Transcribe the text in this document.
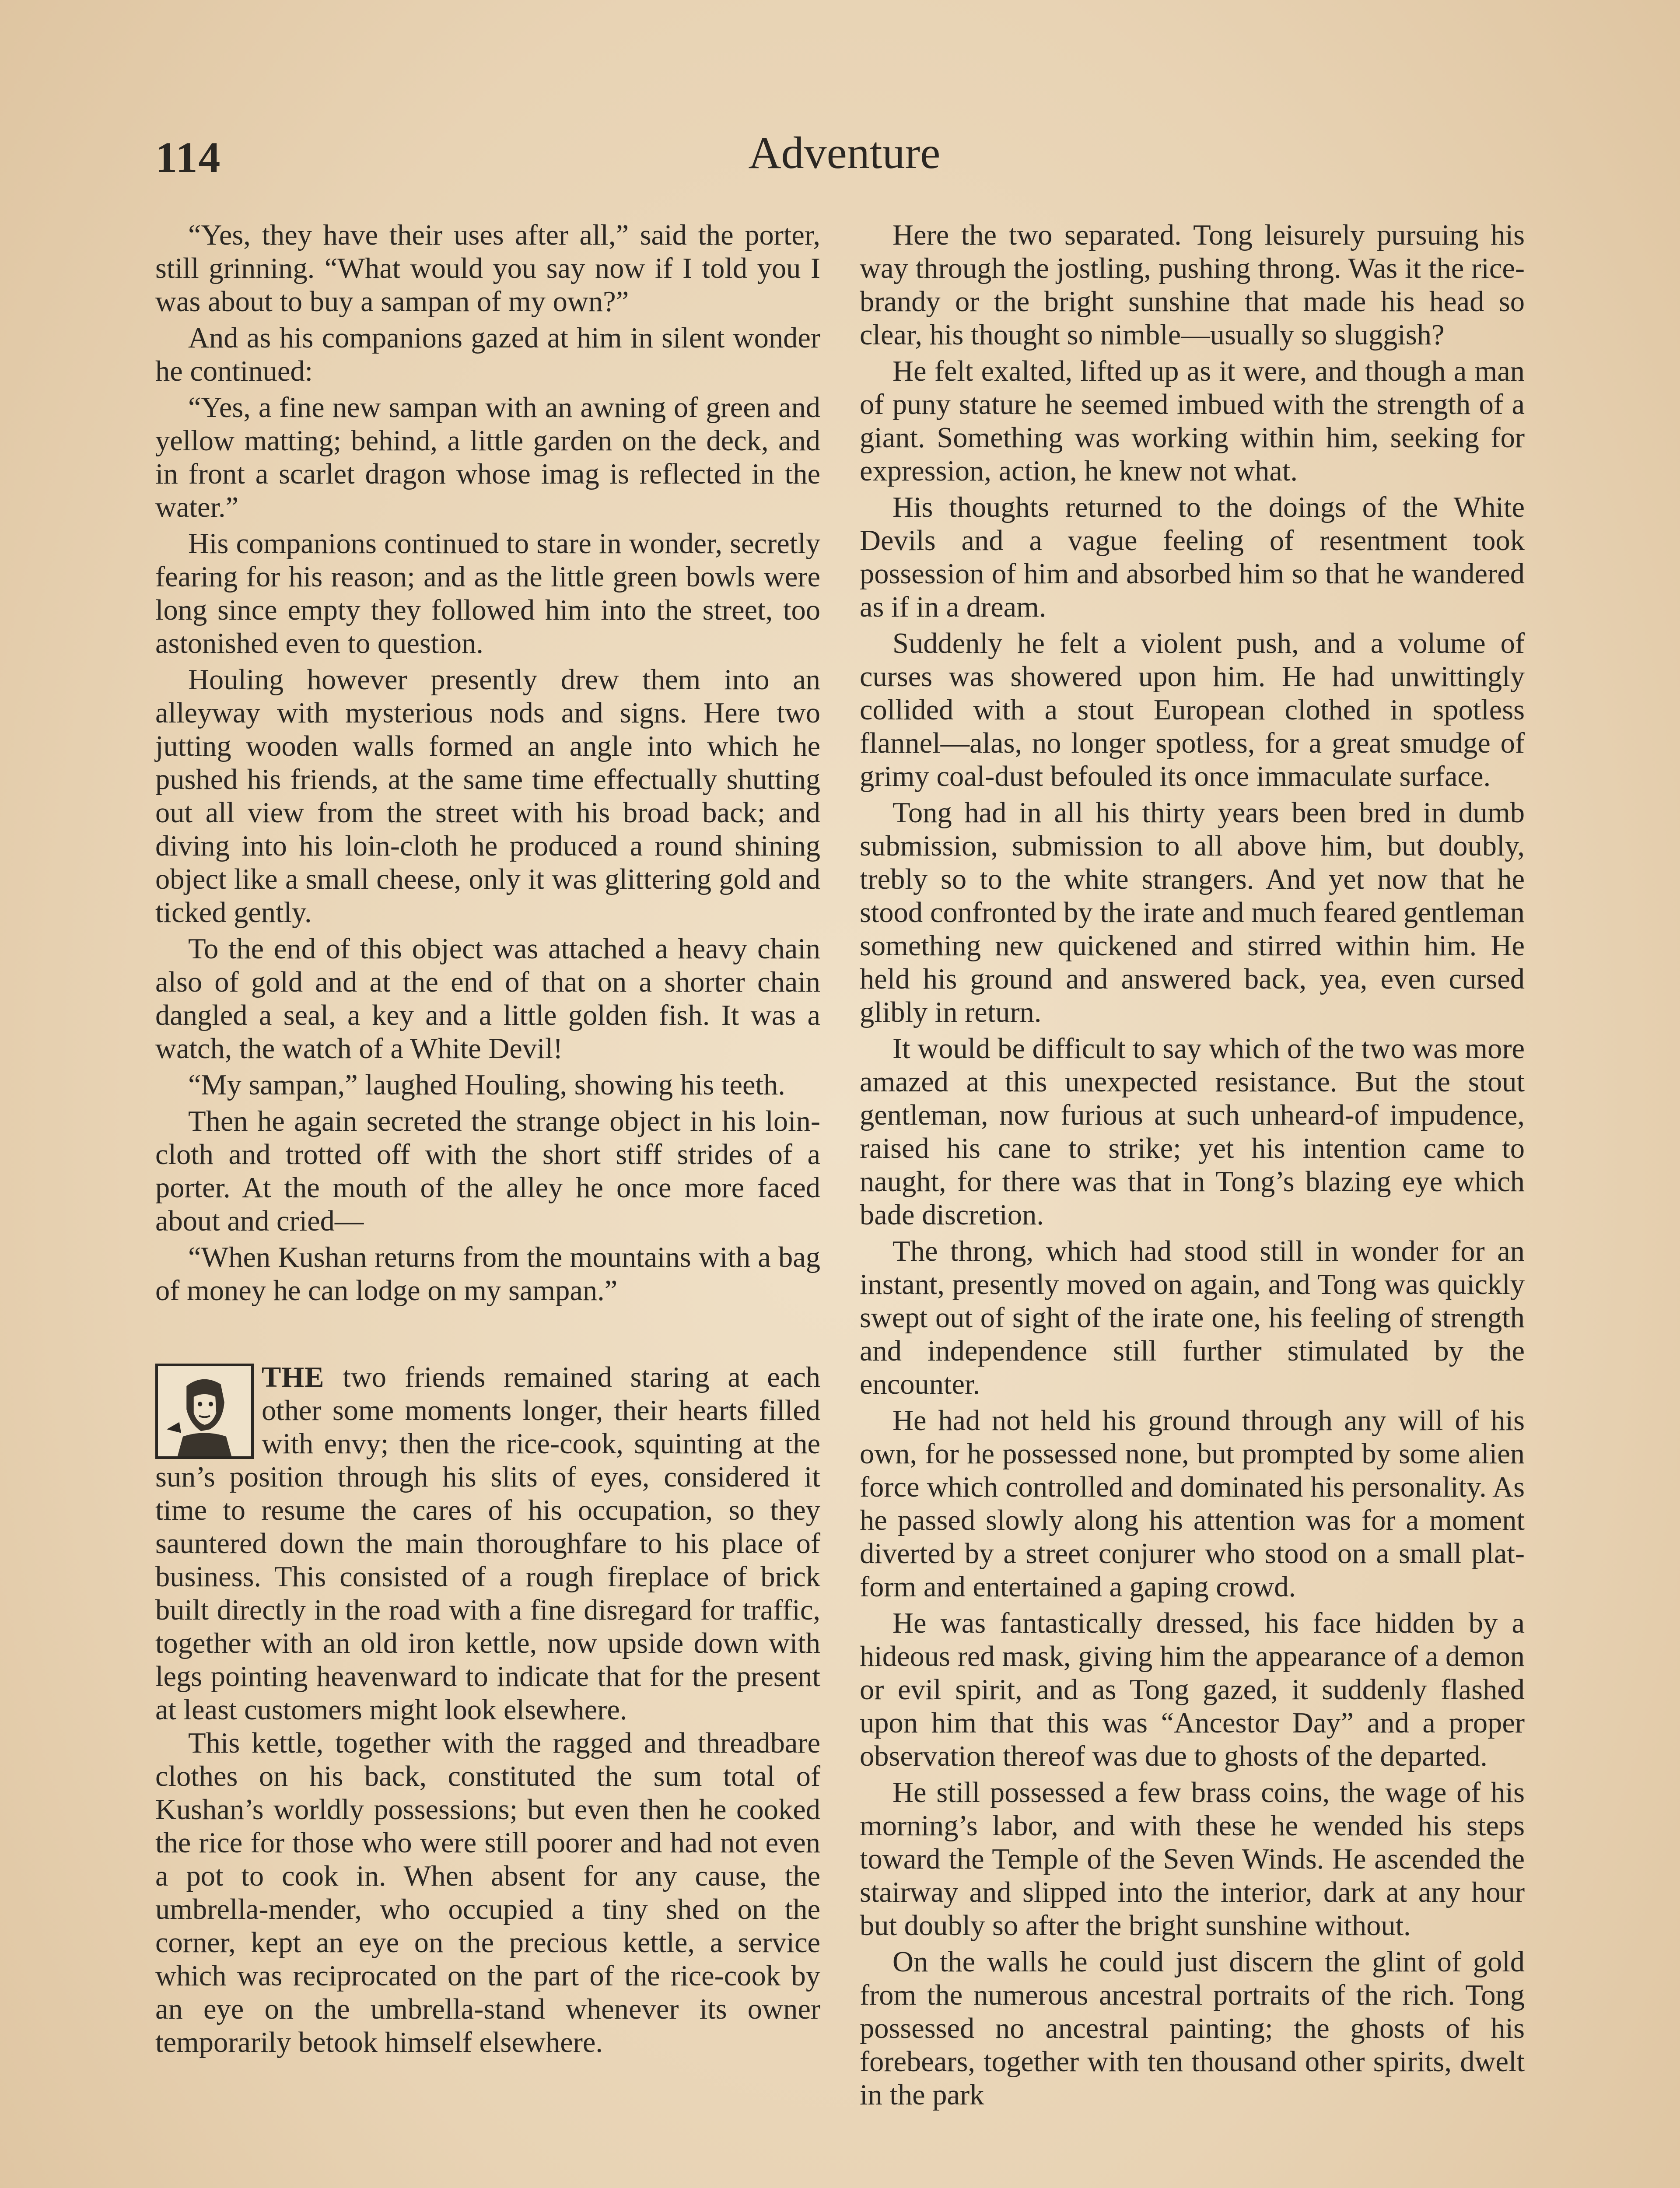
114	Adventure

“Yes, they have their uses after all,” said the porter, still grinning. “What would you say now if I told you I was about to buy a sampan of my own?”

And as his companions gazed at him in silent wonder he continued:

“Yes, a fine new sampan with an awning of green and yellow matting; behind, a little garden on the deck, and in front a scarlet dragon whose imag is reflected in the water.”

His companions continued to stare in wonder, secretly fearing for his reason; and as the little green bowls were long since empty they followed him into the street, too astonished even to question.

Houling however presently drew them into an alleyway with mysterious nods and signs. Here two jutting wooden walls formed an angle into which he pushed his friends, at the same time effectually shutting out all view from the street with his broad back; and diving into his loin-cloth he produced a round shining object like a small cheese, only it was glittering gold and ticked gently.

To the end of this object was attached a heavy chain also of gold and at the end of that on a shorter chain dangled a seal, a key and a little golden fish. It was a watch, the watch of a White Devil!

“My sampan,” laughed Houling, showing his teeth.

Then he again secreted the strange object in his loin-cloth and trotted off with the short stiff strides of a porter. At the mouth of the alley he once more faced about and cried—

“When Kushan returns from the mountains with a bag of money he can lodge on my sampan.”

THE two friends remained staring at each other some moments longer, their hearts filled with envy; then the rice-cook, squinting at the sun’s position through his slits of eyes, considered it time to resume the cares of his occupation, so they sauntered down the main thoroughfare to his place of business. This consisted of a rough fireplace of brick built directly in the road with a fine disregard for traffic, together with an old iron kettle, now upside down with legs pointing heavenward to indicate that for the present at least customers might look elsewhere.

This kettle, together with the ragged and threadbare clothes on his back, constituted the sum total of Kushan’s worldly possessions; but even then he cooked the rice for those who were still poorer and had not even a pot to cook in. When absent for any cause, the umbrella-mender, who occupied a tiny shed on the corner, kept an eye on the precious kettle, a service which was reciprocated on the part of the rice-cook by an eye on the umbrella-stand whenever its owner temporarily betook himself elsewhere.

Here the two separated. Tong leisurely pursuing his way through the jostling, pushing throng. Was it the rice-brandy or the bright sunshine that made his head so clear, his thought so nimble—usually so sluggish?

He felt exalted, lifted up as it were, and though a man of puny stature he seemed imbued with the strength of a giant. Something was working within him, seeking for expression, action, he knew not what.

His thoughts returned to the doings of the White Devils and a vague feeling of resentment took possession of him and absorbed him so that he wandered as if in a dream.

Suddenly he felt a violent push, and a volume of curses was showered upon him. He had unwittingly collided with a stout European clothed in spotless flannel—alas, no longer spotless, for a great smudge of grimy coal-dust befouled its once immaculate surface.

Tong had in all his thirty years been bred in dumb submission, submission to all above him, but doubly, trebly so to the white strangers. And yet now that he stood confronted by the irate and much feared gentleman something new quickened and stirred within him. He held his ground and answered back, yea, even cursed glibly in return.

It would be difficult to say which of the two was more amazed at this unexpected resistance. But the stout gentleman, now furious at such unheard-of impudence, raised his cane to strike; yet his intention came to naught, for there was that in Tong’s blazing eye which bade discretion.

The throng, which had stood still in wonder for an instant, presently moved on again, and Tong was quickly swept out of sight of the irate one, his feeling of strength and independence still further stimulated by the encounter.

He had not held his ground through any will of his own, for he possessed none, but prompted by some alien force which controlled and dominated his personality. As he passed slowly along his attention was for a moment diverted by a street conjurer who stood on a small platform and entertained a gaping crowd.

He was fantastically dressed, his face hidden by a hideous red mask, giving him the appearance of a demon or evil spirit, and as Tong gazed, it suddenly flashed upon him that this was “Ancestor Day” and a proper observation thereof was due to ghosts of the departed.

He still possessed a few brass coins, the wage of his morning’s labor, and with these he wended his steps toward the Temple of the Seven Winds. He ascended the stairway and slipped into the interior, dark at any hour but doubly so after the bright sunshine without.

On the walls he could just discern the glint of gold from the numerous ancestral portraits of the rich. Tong possessed no ancestral painting; the ghosts of his forebears, together with ten thousand other spirits, dwelt in the park
